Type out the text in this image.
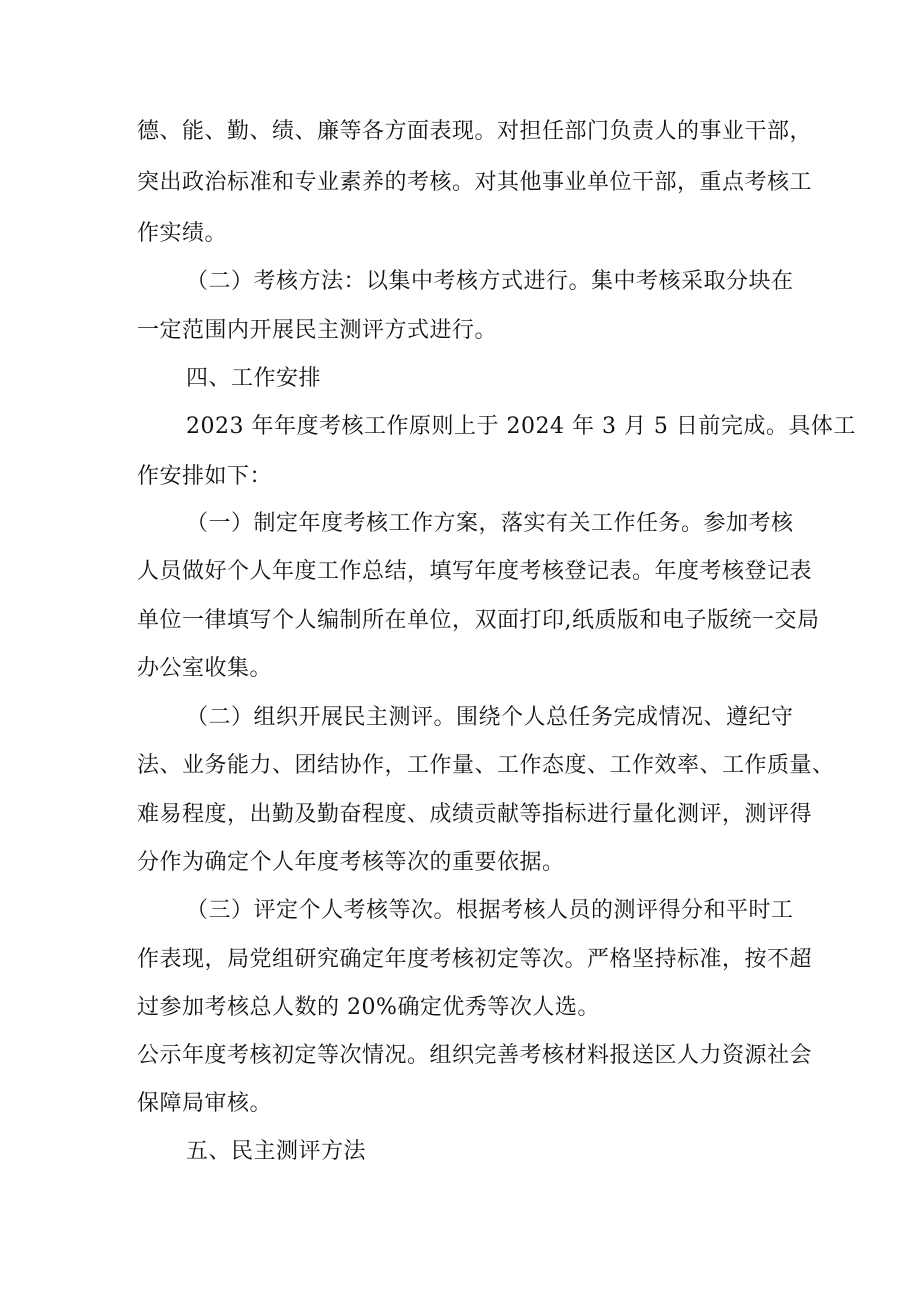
德、能、勤、绩、廉等各方面表现。对担任部门负责人的事业干部，
突出政治标准和专业素养的考核。对其他事业单位干部，重点考核工
作实绩。
（二）考核方法：以集中考核方式进行。集中考核采取分块在
一定范围内开展民主测评方式进行。
四、工作安排
2023 年年度考核工作原则上于 2024 年 3 月 5 日前完成。具体工
作安排如下：
（一）制定年度考核工作方案，落实有关工作任务。参加考核
人员做好个人年度工作总结，填写年度考核登记表。年度考核登记表
单位一律填写个人编制所在单位，双面打印,纸质版和电子版统一交局
办公室收集。
（二）组织开展民主测评。围绕个人总任务完成情况、遵纪守
法、业务能力、团结协作，工作量、工作态度、工作效率、工作质量、
难易程度，出勤及勤奋程度、成绩贡献等指标进行量化测评，测评得
分作为确定个人年度考核等次的重要依据。
（三）评定个人考核等次。根据考核人员的测评得分和平时工
作表现，局党组研究确定年度考核初定等次。严格坚持标准，按不超
过参加考核总人数的 20%确定优秀等次人选。
公示年度考核初定等次情况。组织完善考核材料报送区人力资源社会
保障局审核。
五、民主测评方法
